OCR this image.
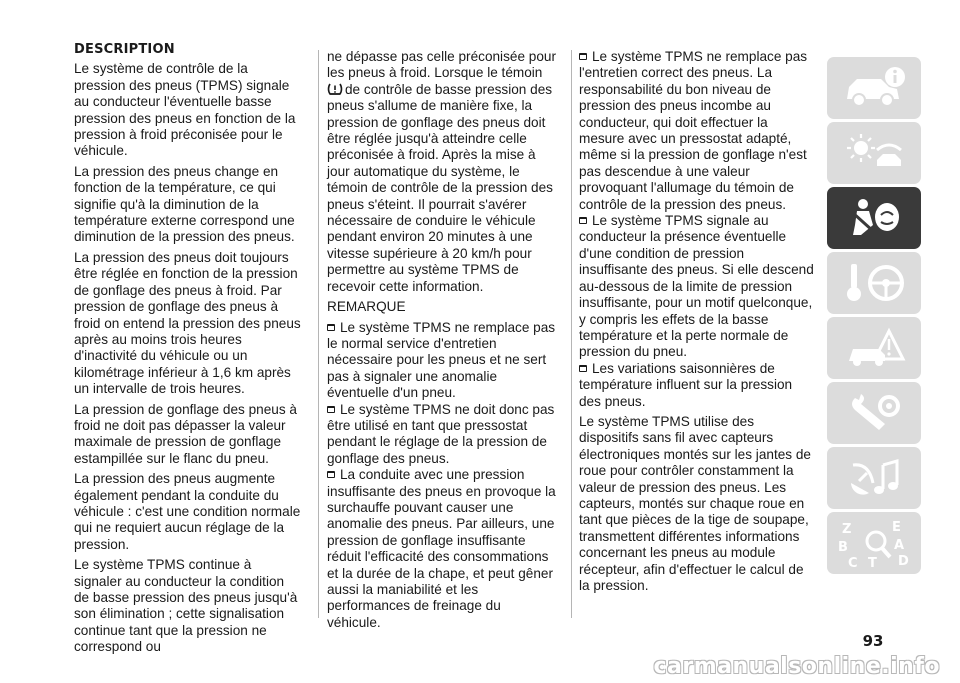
DESCRIPTION

Le système de contrôle de la pression des pneus (TPMS) signale au conducteur l'éventuelle basse pression des pneus en fonction de la pression à froid préconisée pour le véhicule.

La pression des pneus change en fonction de la température, ce qui signifie qu'à la diminution de la température externe correspond une diminution de la pression des pneus.

La pression des pneus doit toujours être réglée en fonction de la pression de gonflage des pneus à froid. Par pression de gonflage des pneus à froid on entend la pression des pneus après au moins trois heures d'inactivité du véhicule ou un kilométrage inférieur à 1,6 km après un intervalle de trois heures.

La pression de gonflage des pneus à froid ne doit pas dépasser la valeur maximale de pression de gonflage estampillée sur le flanc du pneu.

La pression des pneus augmente également pendant la conduite du véhicule : c'est une condition normale qui ne requiert aucun réglage de la pression.

Le système TPMS continue à signaler au conducteur la condition de basse pression des pneus jusqu'à son élimination ; cette signalisation continue tant que la pression ne correspond ou

ne dépasse pas celle préconisée pour les pneus à froid. Lorsque le témoin

de contrôle de basse pression des pneus s'allume de manière fixe, la pression de gonflage des pneus doit être réglée jusqu'à atteindre celle préconisée à froid. Après la mise à jour automatique du système, le témoin de contrôle de la pression des pneus s'éteint. Il pourrait s'avérer nécessaire de conduire le véhicule pendant environ 20 minutes à une vitesse supérieure à 20 km/h pour permettre au système TPMS de recevoir cette information.

REMARQUE

Le système TPMS ne remplace pas le normal service d'entretien nécessaire pour les pneus et ne sert pas à signaler une anomalie éventuelle d'un pneu.

Le système TPMS ne doit donc pas être utilisé en tant que pressostat pendant le réglage de la pression de gonflage des pneus.

La conduite avec une pression insuffisante des pneus en provoque la surchauffe pouvant causer une anomalie des pneus. Par ailleurs, une pression de gonflage insuffisante réduit l'efficacité des consommations et la durée de la chape, et peut gêner aussi la maniabilité et les performances de freinage du véhicule.

Le système TPMS ne remplace pas l'entretien correct des pneus. La responsabilité du bon niveau de pression des pneus incombe au conducteur, qui doit effectuer la mesure avec un pressostat adapté, même si la pression de gonflage n'est pas descendue à une valeur provoquant l'allumage du témoin de contrôle de la pression des pneus.

Le système TPMS signale au conducteur la présence éventuelle d'une condition de pression insuffisante des pneus. Si elle descend au-dessous de la limite de pression insuffisante, pour un motif quelconque, y compris les effets de la basse température et la perte normale de pression du pneu.

Les variations saisonnières de température influent sur la pression des pneus.

Le système TPMS utilise des dispositifs sans fil avec capteurs électroniques montés sur les jantes de roue pour contrôler constamment la valeur de pression des pneus. Les capteurs, montés sur chaque roue en tant que pièces de la tige de soupape, transmettent différentes informations concernant les pneus au module récepteur, afin d'effectuer le calcul de la pression.

Z	E
B	A
C T D
93
carmanualsonline.info
